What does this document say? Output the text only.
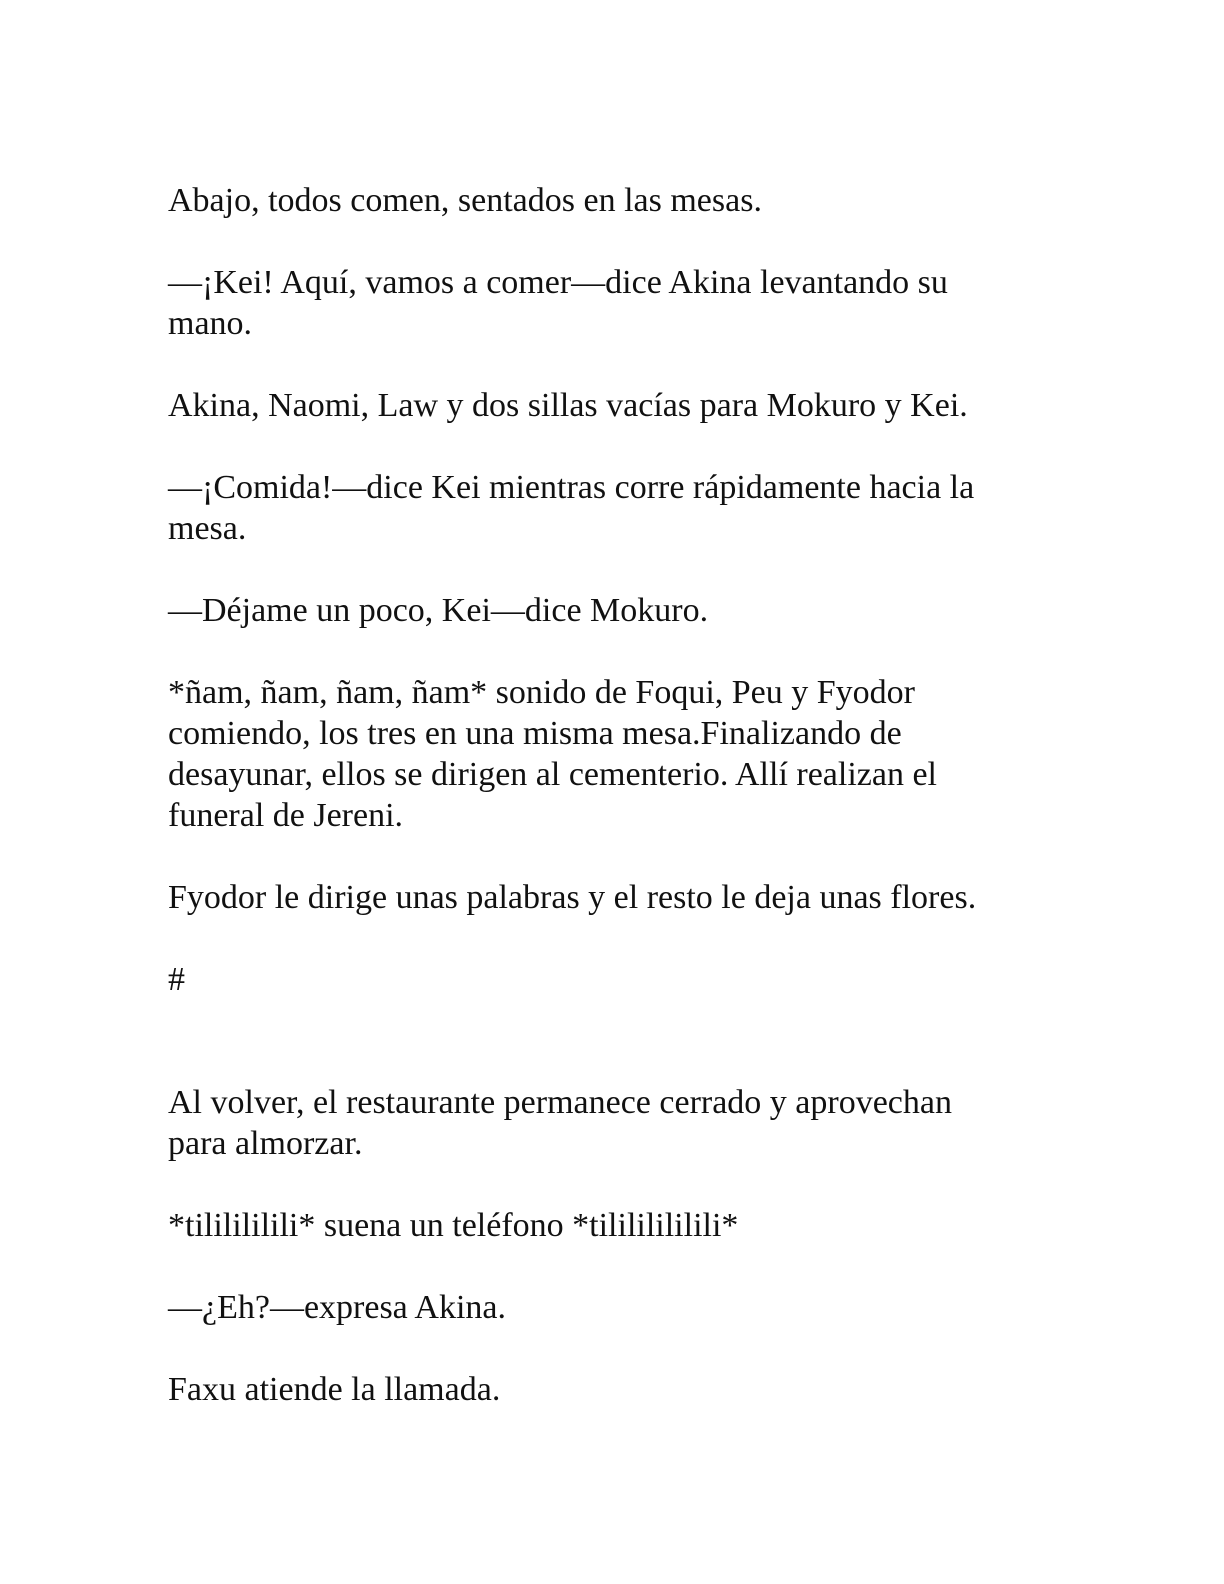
Abajo, todos comen, sentados en las mesas.

—¡Kei! Aquí, vamos a comer—dice Akina levantando su mano.

Akina, Naomi, Law y dos sillas vacías para Mokuro y Kei.

—¡Comida!—dice Kei mientras corre rápidamente hacia la mesa.

—Déjame un poco, Kei—dice Mokuro.

*ñam, ñam, ñam, ñam* sonido de Foqui, Peu y Fyodor comiendo, los tres en una misma mesa.Finalizando de desayunar, ellos se dirigen al cementerio. Allí realizan el funeral de Jereni.

Fyodor le dirige unas palabras y el resto le deja unas flores.

#

Al volver, el restaurante permanece cerrado y aprovechan para almorzar.

*tililililili* suena un teléfono *tilililililili*

—¿Eh?—expresa Akina.

Faxu atiende la llamada.
